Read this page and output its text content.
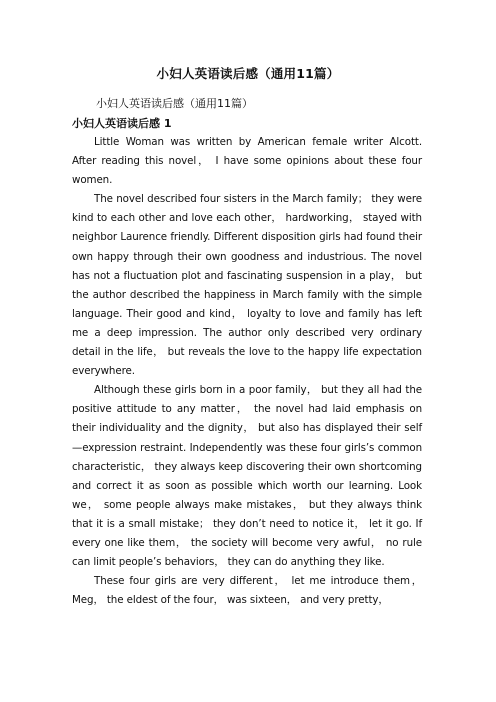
小妇人英语读后感（通用11篇）
小妇人英语读后感（通用11篇）
小妇人英语读后感 1

Little Woman was written by American female writer Alcott. After reading this novel， I have some opinions about these four women.

The novel described four sisters in the March family； they were kind to each other and love each other， hardworking， stayed with neighbor Laurence friendly. Different disposition girls had found their own happy through their own goodness and industrious. The novel has not a fluctuation plot and fascinating suspension in a play， but the author described the happiness in March family with the simple language. Their good and kind， loyalty to love and family has left me a deep impression. The author only described very ordinary detail in the life， but reveals the love to the happy life expectation everywhere.

Although these girls born in a poor family， but they all had the positive attitude to any matter， the novel had laid emphasis on their individuality and the dignity， but also has displayed their self—expression restraint. Independently was these four girls’s common characteristic， they always keep discovering their own shortcoming and correct it as soon as possible which worth our learning. Look we， some people always make mistakes， but they always think that it is a small mistake； they don’t need to notice it， let it go. If every one like them， the society will become very awful， no rule can limit people’s behaviors， they can do anything they like.

These four girls are very different， let me introduce them， Meg， the eldest of the four， was sixteen， and very pretty，
